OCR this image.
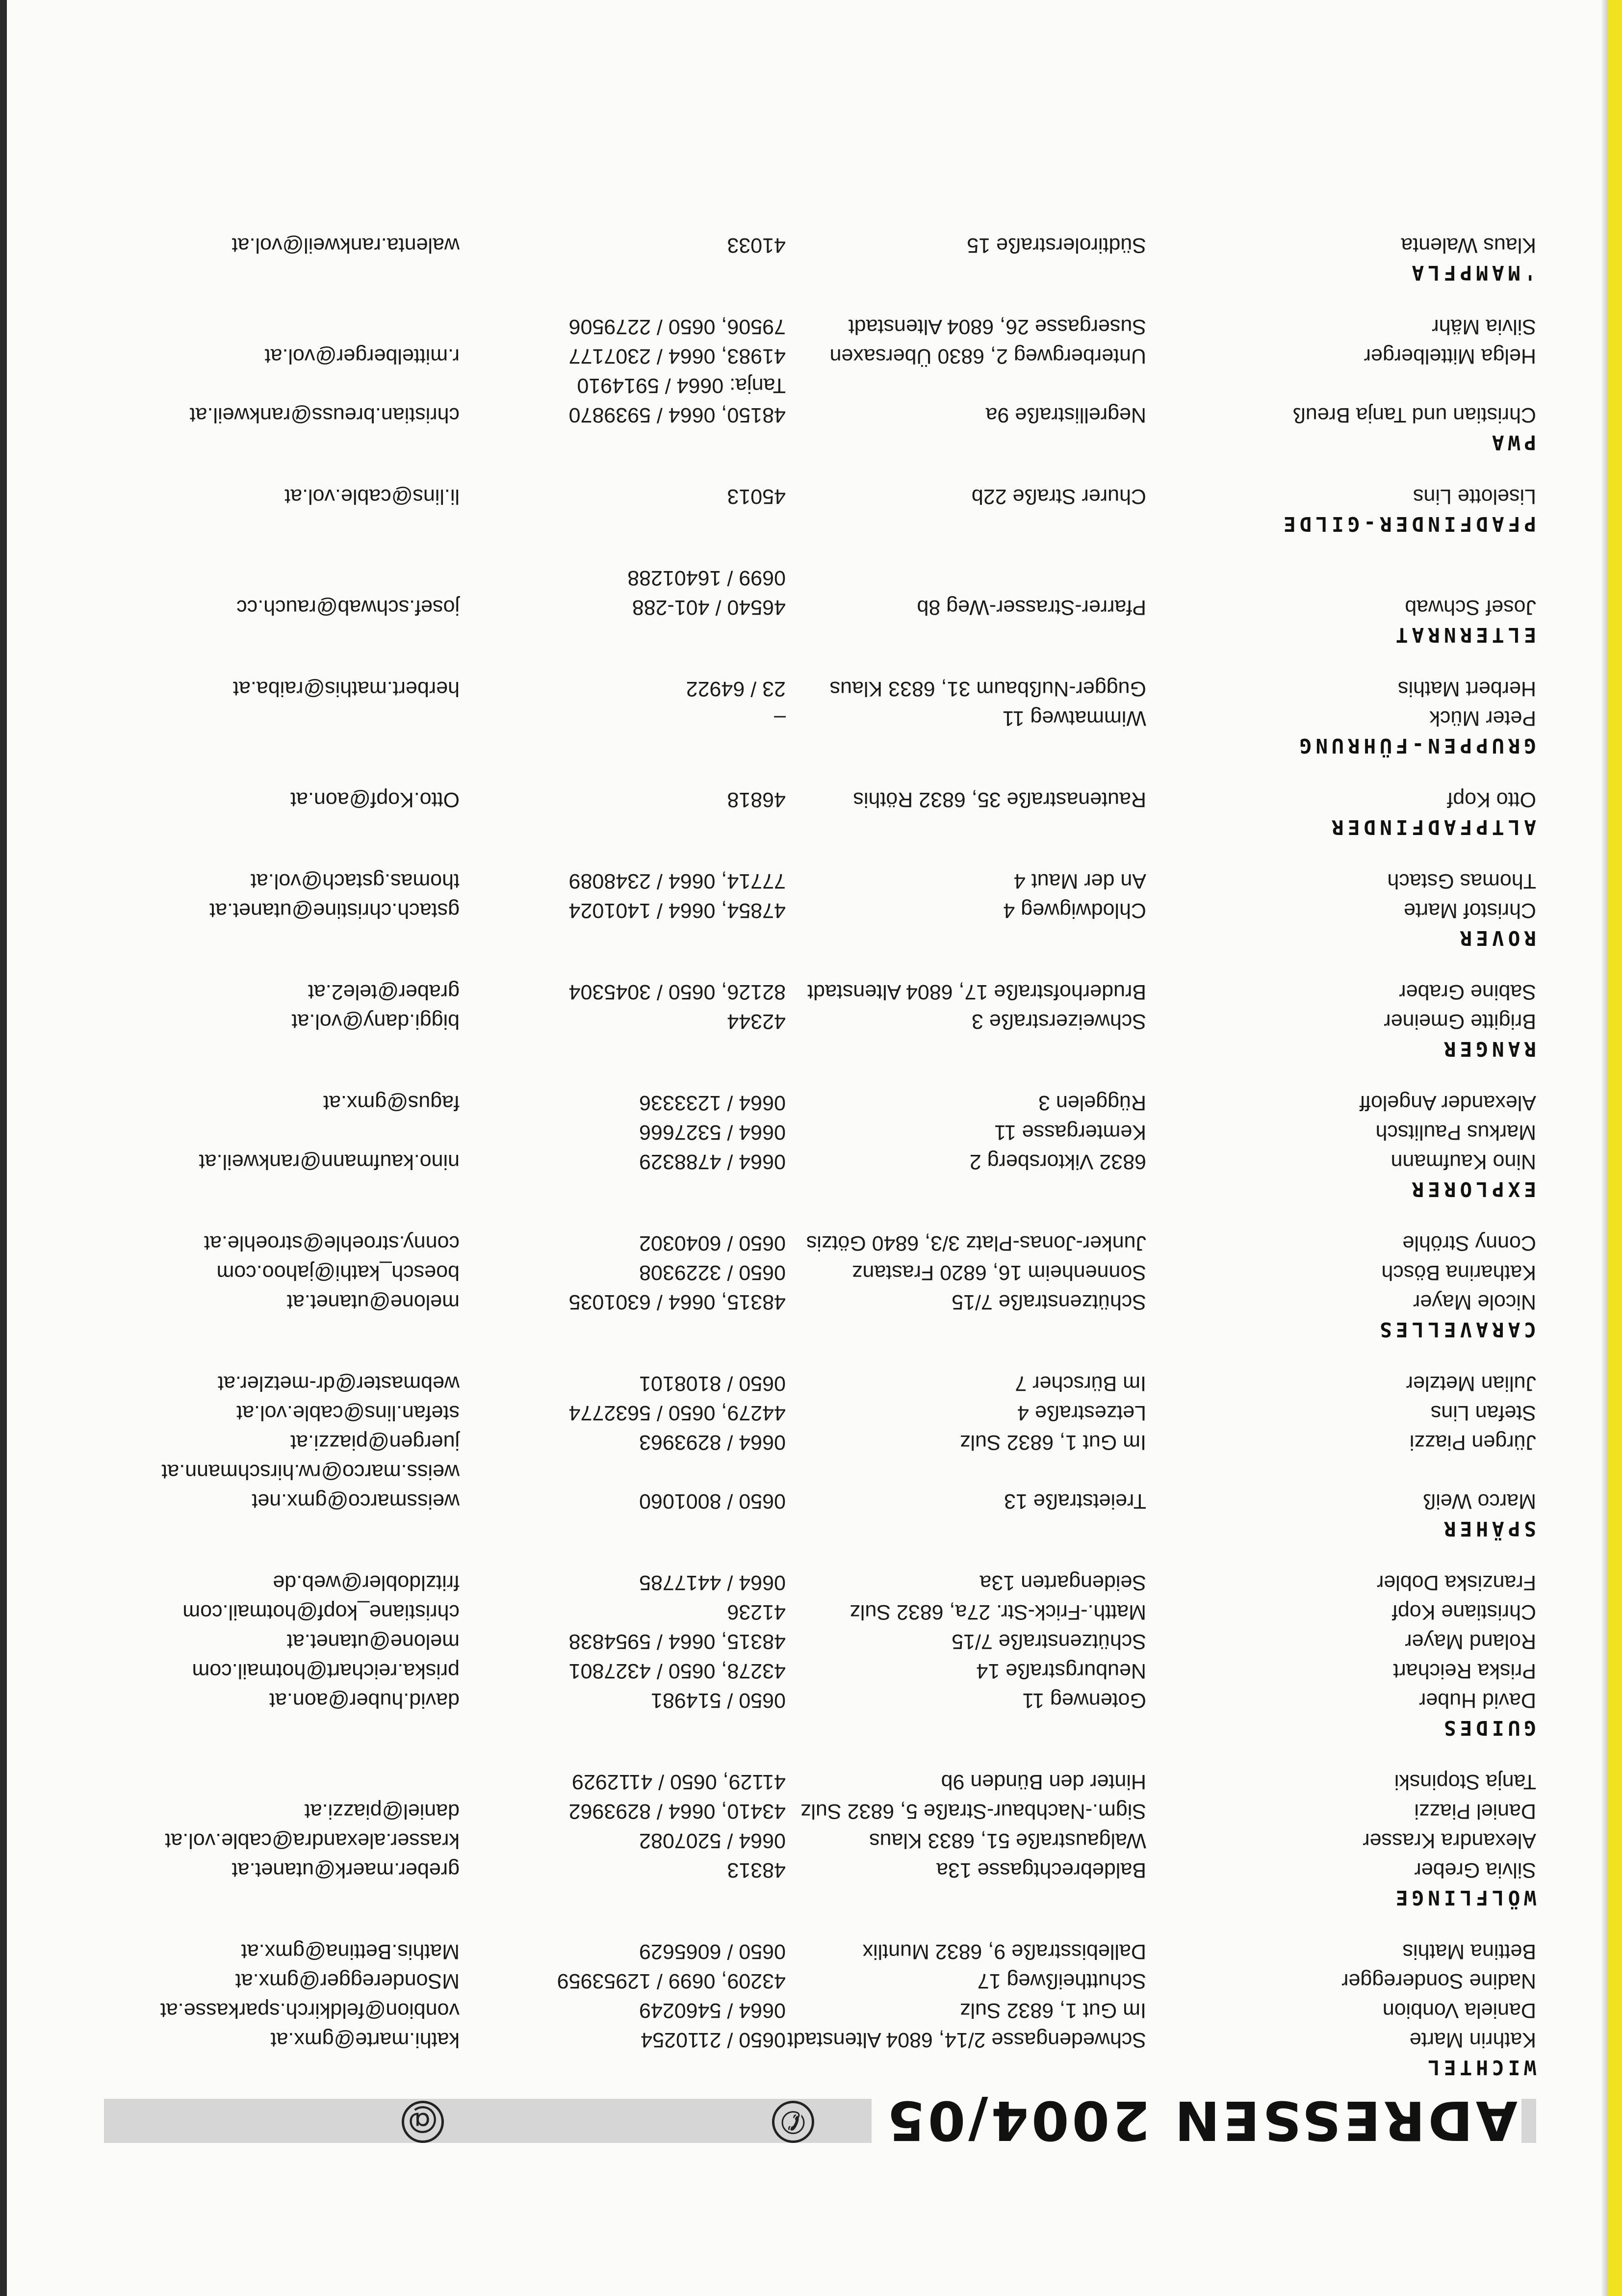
ADRESSEN 2004/05
✆
@
WICHTEL
Kathrin Marte
Schwedengasse 2/14, 6804 Altenstadt
0650 / 2110254
kathi.marte@gmx.at
Daniela Vonbion
Im Gut 1, 6832 Sulz
0664 / 5460249
vonbion@feldkirch.sparkasse.at
Nadine Sonderegger
Schuttheißweg 17
43209, 0699 / 12953959
MSonderegger@gmx.at
Bettina Mathis
Dallebisstraße 9, 6832 Muntlix
0650 / 6065629
Mathis.Bettina@gmx.at
WÖLFLINGE
Silvia Greber
Baldebrechtgasse 13a
48313
greber.maerk@utanet.at
Alexandra Krasser
Walgaustraße 51, 6833 Klaus
0664 / 5207082
krasser.alexandra@cable.vol.at
Daniel Piazzi
Sigm.-Nachbaur-Straße 5, 6832 Sulz
43410, 0664 / 8293962
daniel@piazzi.at
Tanja Stopinski
Hinter den Bünden 9b
41129, 0650 / 4112929
GUIDES
David Huber
Gotenweg 11
0650 / 514981
david.huber@aon.at
Priska Reichart
Neuburgstraße 14
43278, 0650 / 4327801
priska.reichart@hotmail.com
Roland Mayer
Schützenstraße 7/15
48315, 0664 / 5954838
melone@utanet.at
Christiane Kopf
Matth.-Frick-Str. 27a, 6832 Sulz
41236
christiane_kopf@hotmail.com
Franziska Dobler
Seidengarten 13a
0664 / 4417785
fritzldobler@web.de
SPÄHER
Marco Weiß
Treietstraße 13
0650 / 8001060
weissmarco@gmx.net
weiss.marco@rw.hirschmann.at
Jürgen Piazzi
Im Gut 1, 6832 Sulz
0664 / 8293963
juergen@piazzi.at
Stefan Lins
Letzestraße 4
44279, 0650 / 5632774
stefan.lins@cable.vol.at
Julian Metzler
Im Bürscher 7
0650 / 8108101
webmaster@dr-metzler.at
CARAVELLES
Nicole Mayer
Schützenstraße 7/15
48315, 0664 / 6301035
melone@utanet.at
Katharina Bösch
Sonnenheim 16, 6820 Frastanz
0650 / 3229308
boesch_kathi@jahoo.com
Conny Ströhle
Junker-Jonas-Platz 3/3, 6840 Götzis
0650 / 6040302
conny.stroehle@stroehle.at
EXPLORER
Nino Kaufmann
6832 Viktorsberg 2
0664 / 4788329
nino.kaufmann@rankweil.at
Markus Paulitsch
Kemtergasse 11
0664 / 5327666
Alexander Angeloff
Rüggelen 3
0664 / 1233336
fagus@gmx.at
RANGER
Brigitte Gmeiner
Schweizerstraße 3
42344
biggi.dany@vol.at
Sabine Graber
Bruderhofstraße 17, 6804 Altenstadt
82126, 0650 / 3045304
graber@tele2.at
ROVER
Christof Marte
Chlodwigweg 4
47854, 0664 / 1401024
gstach.christine@utanet.at
Thomas Gstach
An der Maut 4
77714, 0664 / 2348089
thomas.gstach@vol.at
ALTPFADFINDER
Otto Kopf
Rautenastraße 35, 6832 Röthis
46818
Otto.Kopf@aon.at
GRUPPEN-FÜHRUNG
Peter Mück
Wimmatweg 11
–
Herbert Mathis
Gugger-Nußbaum 31, 6833 Klaus
23 / 64922
herbert.mathis@raiba.at
ELTERNRAT
Josef Schwab
Pfarrer-Strasser-Weg 8b
46540 / 401-288
josef.schwab@rauch.cc
0699 / 16401288
PFADFINDER-GILDE
Liselotte Lins
Churer Straße 22b
45013
li.lins@cable.vol.at
PWA
Christian und Tanja Breuß
Negrellistraße 9a
48150, 0664 / 5939870
christian.breuss@rankweil.at
Tanja: 0664 / 5914910
Helga Mittelberger
Unterbergweg 2, 6830 Übersaxen
41983, 0664 / 2307177
r.mittelberger@vol.at
Silvia Mähr
Susergasse 26, 6804 Altenstadt
79506, 0650 / 2279506
'MAMPFLA
Klaus Walenta
Südtirolerstraße 15
41033
walenta.rankweil@vol.at
